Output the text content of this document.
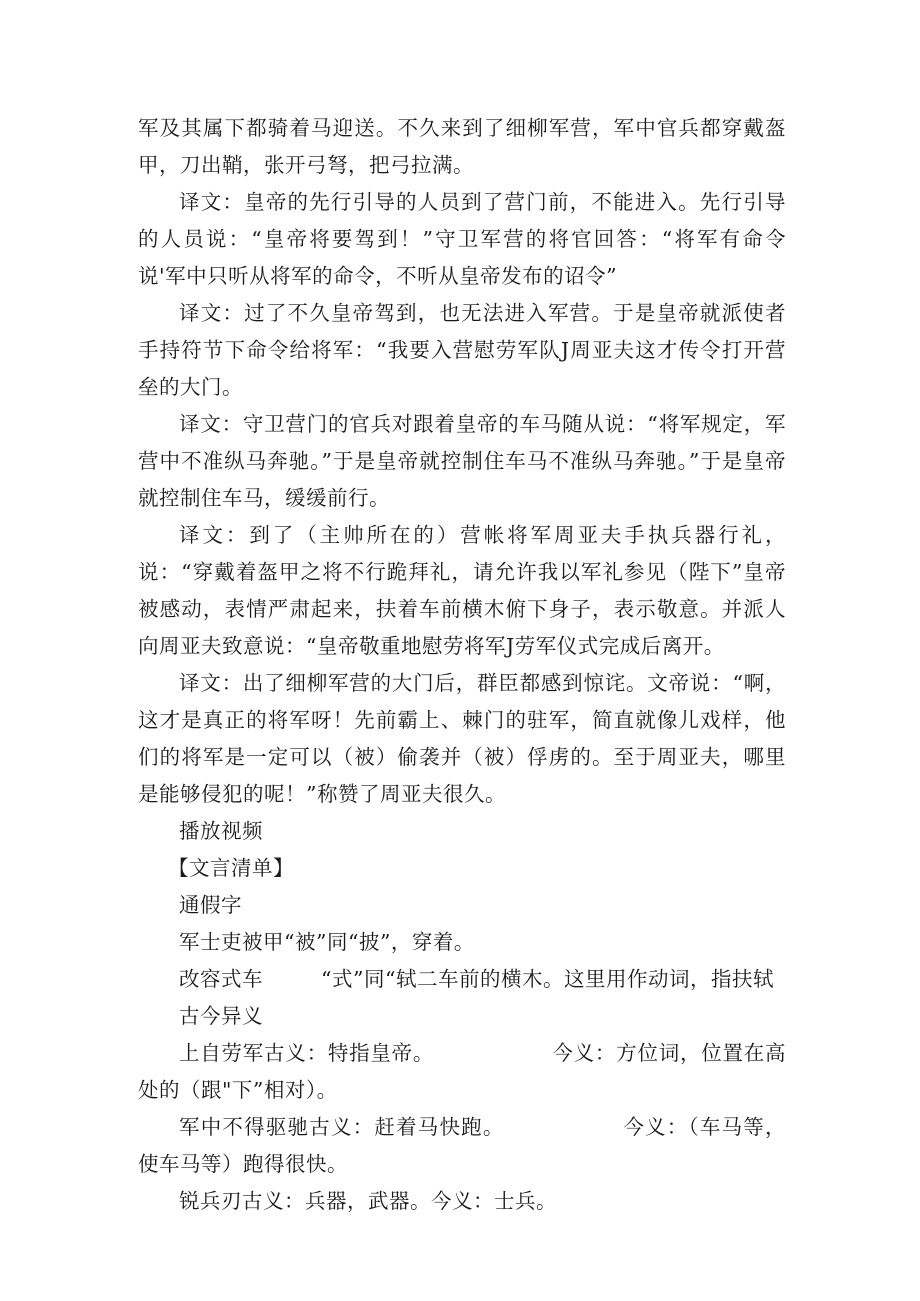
军及其属下都骑着马迎送。不久来到了细柳军营，军中官兵都穿戴盔甲，刀出鞘，张开弓弩，把弓拉满。

译文：皇帝的先行引导的人员到了营门前，不能进入。先行引导的人员说：“皇帝将要驾到！”守卫军营的将官回答：“将军有命令说'军中只听从将军的命令，不听从皇帝发布的诏令”

译文：过了不久皇帝驾到，也无法进入军营。于是皇帝就派使者手持符节下命令给将军：“我要入营慰劳军队J周亚夫这才传令打开营垒的大门。

译文：守卫营门的官兵对跟着皇帝的车马随从说：“将军规定，军营中不准纵马奔驰。”于是皇帝就控制住车马不准纵马奔驰。”于是皇帝就控制住车马，缓缓前行。

译文：到了（主帅所在的）营帐将军周亚夫手执兵器行礼，说：“穿戴着盔甲之将不行跪拜礼，请允许我以军礼参见（陛下”皇帝被感动，表情严肃起来，扶着车前横木俯下身子，表示敬意。并派人向周亚夫致意说：“皇帝敬重地慰劳将军J劳军仪式完成后离开。

译文：出了细柳军营的大门后，群臣都感到惊诧。文帝说：“啊，这才是真正的将军呀！先前霸上、棘门的驻军，简直就像儿戏样，他们的将军是一定可以（被）偷袭并（被）俘虏的。至于周亚夫，哪里是能够侵犯的呢！”称赞了周亚夫很久。

播放视频

【文言清单】

通假字

军士吏被甲“被”同“披”，穿着。

改容式车	“式”同“轼二车前的横木。这里用作动词，指扶轼

古今异义

上自劳军古义：特指皇帝。	今义：方位词，位置在高处的（跟"下”相对）。

军中不得驱驰古义：赶着马快跑。	今义：（车马等，使车马等）跑得很快。

锐兵刃古义：兵器，武器。今义：士兵。
